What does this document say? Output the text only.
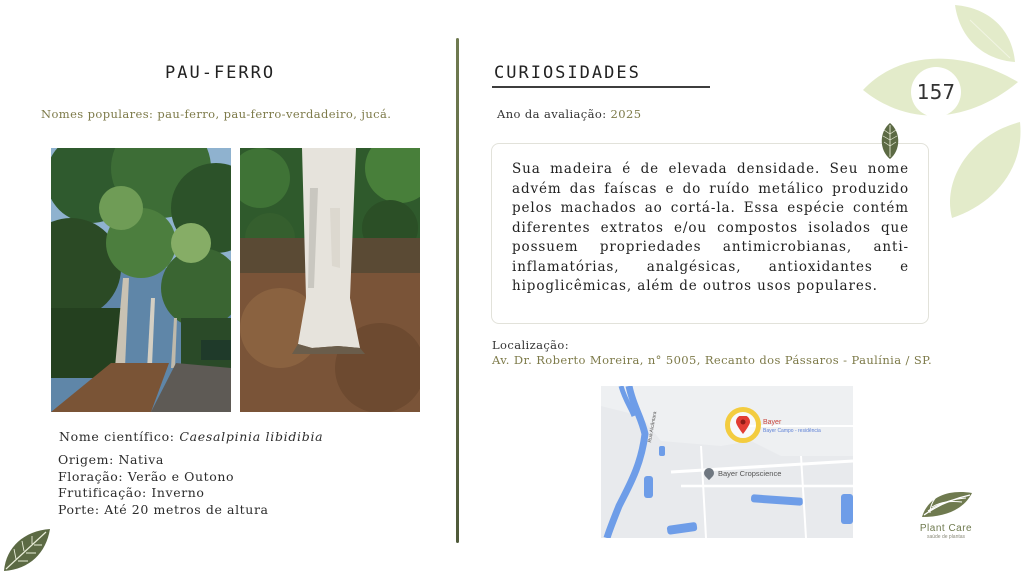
PAU-FERRO
Nomes populares: pau-ferro, pau-ferro-verdadeiro, jucá.
Nome científico: Caesalpinia libidibia
Origem: Nativa
Floração: Verão e Outono
Frutificação: Inverno
Porte: Até 20 metros de altura
CURIOSIDADES
Ano da avaliação: 2025

Sua madeira é de elevada densidade. Seu nome advém das faíscas e do ruído metálico produzido pelos machados ao cortá-la. Essa espécie contém diferentes extratos e/ou compostos isolados que possuem propriedades antimicrobianas, anti-inflamatórias, analgésicas, antioxidantes e hipoglicêmicas, além de outros usos populares.

Localização:
Av. Dr. Roberto Moreira, n° 5005, Recanto dos Pássaros - Paulínia / SP.
Bayer
Bayer Campo - residência
Bayer Cropscience
Rua Alcântara
157
Plant Care
saúde de plantas
